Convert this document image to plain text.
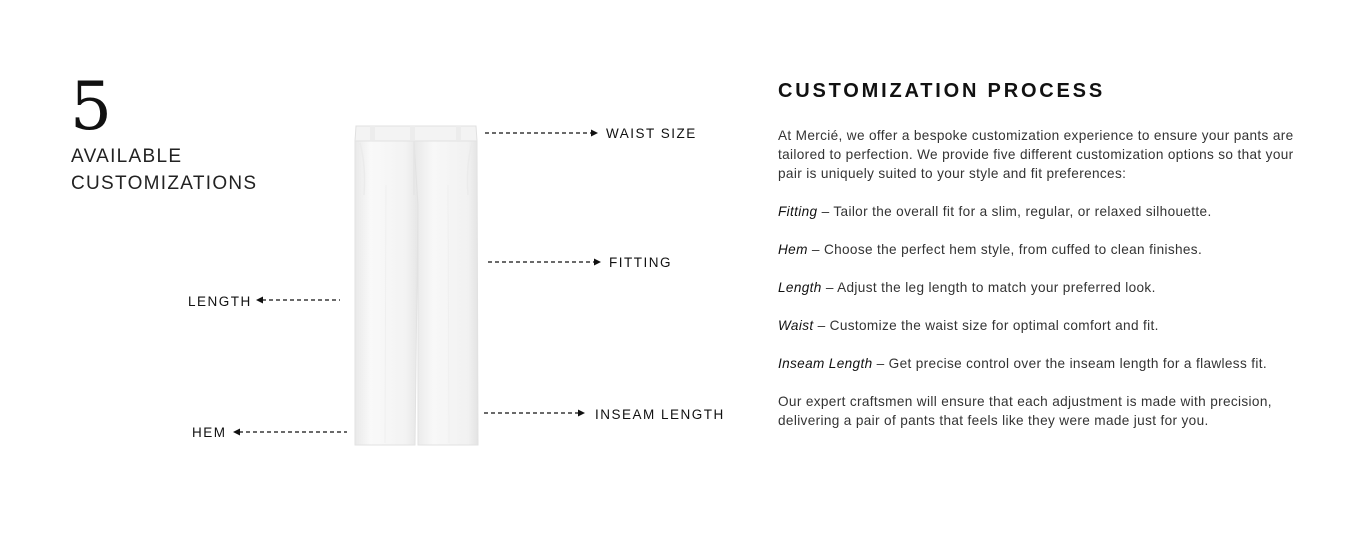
5
AVAILABLE
CUSTOMIZATIONS
WAIST SIZE
FITTING
LENGTH
HEM
INSEAM LENGTH
CUSTOMIZATION PROCESS

At Mercié, we offer a bespoke customization experience to ensure your pants are tailored to perfection. We provide five different customization options so that your pair is uniquely suited to your style and fit preferences:

Fitting – Tailor the overall fit for a slim, regular, or relaxed silhouette.

Hem – Choose the perfect hem style, from cuffed to clean finishes.

Length – Adjust the leg length to match your preferred look.

Waist – Customize the waist size for optimal comfort and fit.

Inseam Length – Get precise control over the inseam length for a flawless fit.

Our expert craftsmen will ensure that each adjustment is made with precision, delivering a pair of pants that feels like they were made just for you.
